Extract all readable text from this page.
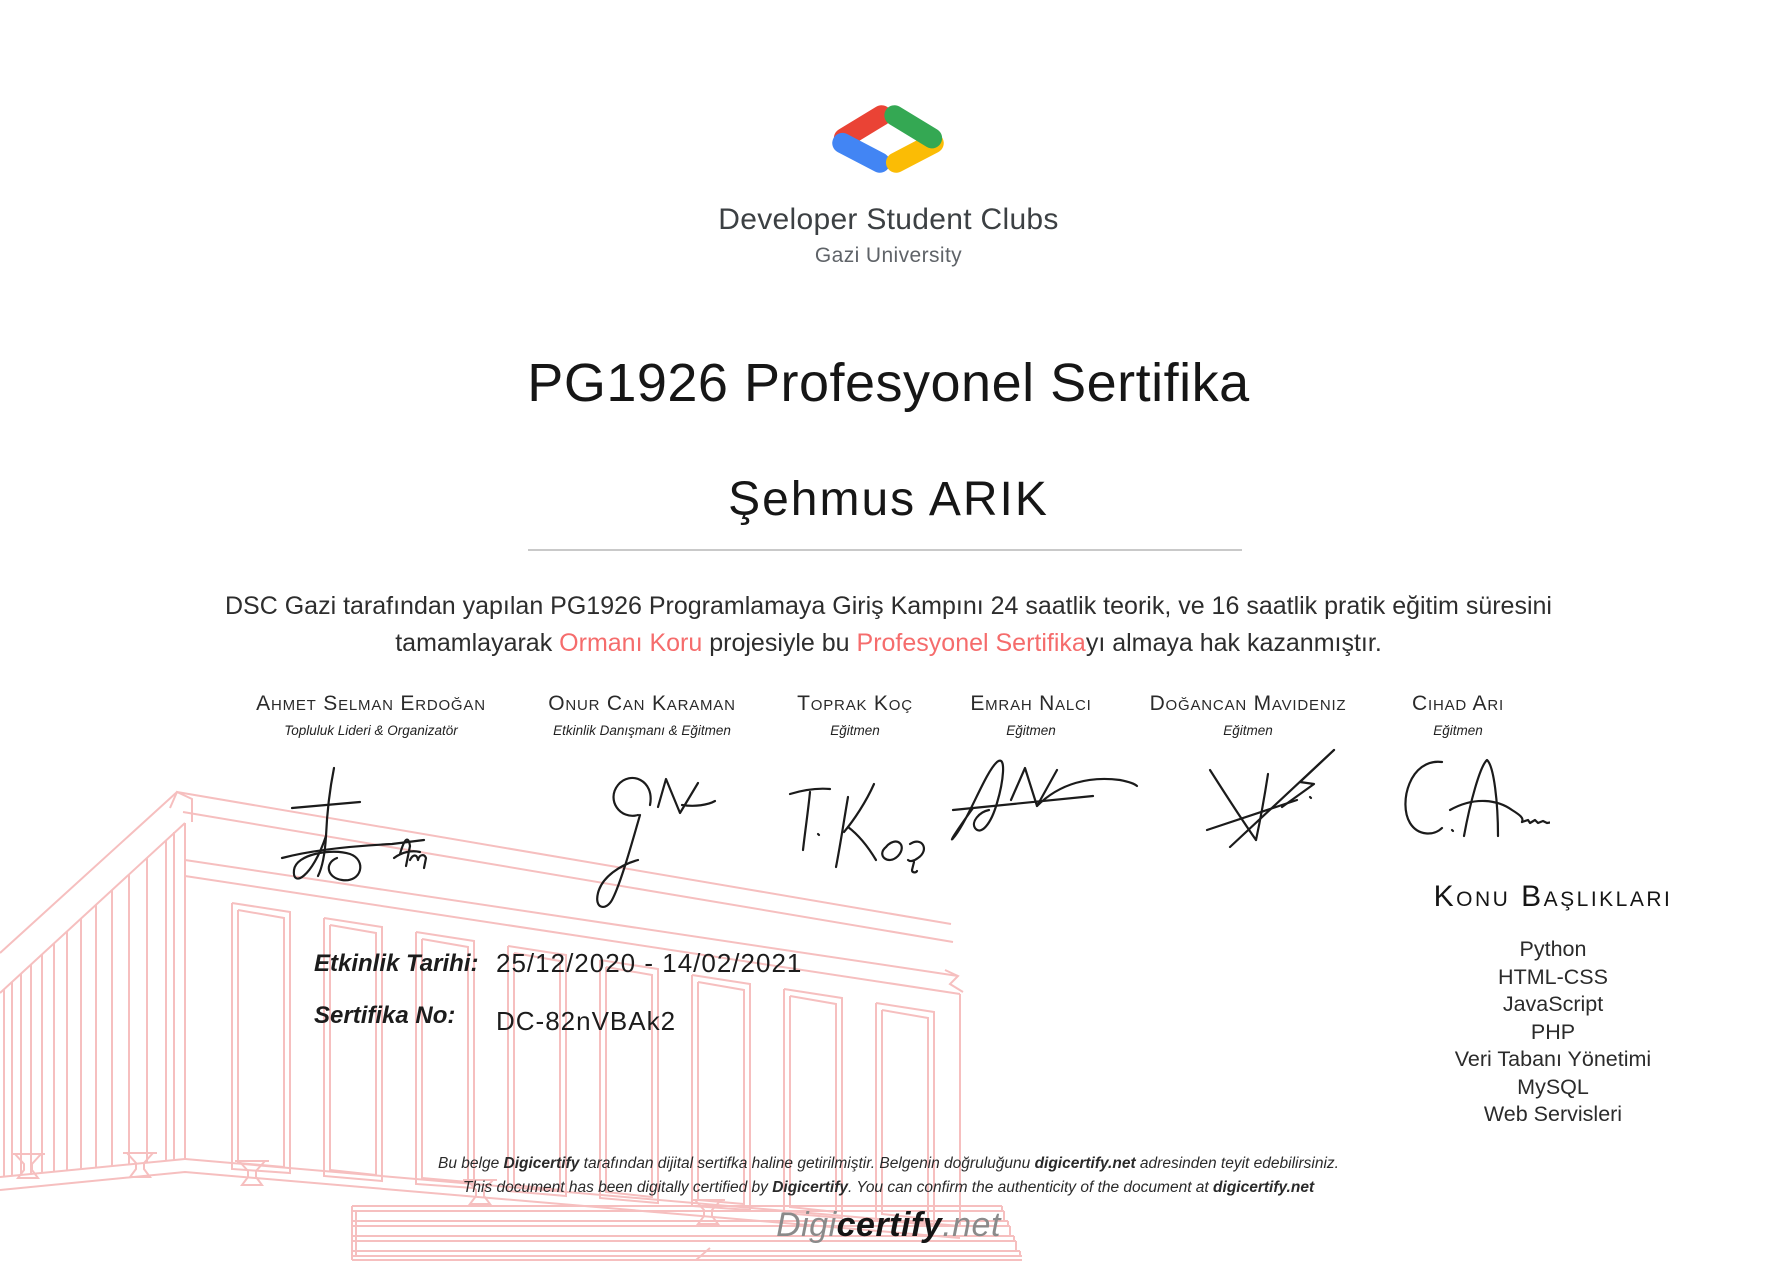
Developer Student Clubs
Gazi University
PG1926 Profesyonel Sertifika
Şehmus ARIK
DSC Gazi tarafından yapılan PG1926 Programlamaya Giriş Kampını 24 saatlik teorik, ve 16 saatlik pratik eğitim süresini
tamamlayarak Ormanı Koru projesiyle bu Profesyonel Sertifikayı almaya hak kazanmıştır.
Ahmet Selman Erdoğan
Topluluk Lideri & Organizatör
Onur Can Karaman
Etkinlik Danışmanı & Eğitmen
Toprak Koç
Eğitmen
Emrah Nalcı
Eğitmen
Doğancan Mavideniz
Eğitmen
Cihad Arı
Eğitmen
Etkinlik Tarihi: 25/12/2020 - 14/02/2021
Sertifika No: DC-82nVBAk2
Konu Başlıkları
Python
HTML-CSS
JavaScript
PHP
Veri Tabanı Yönetimi
MySQL
Web Servisleri
Bu belge Digicertify tarafından dijital sertifka haline getirilmiştir. Belgenin doğruluğunu digicertify.net adresinden teyit edebilirsiniz.
This document has been digitally certified by Digicertify. You can confirm the authenticity of the document at digicertify.net
Digicertify.net
